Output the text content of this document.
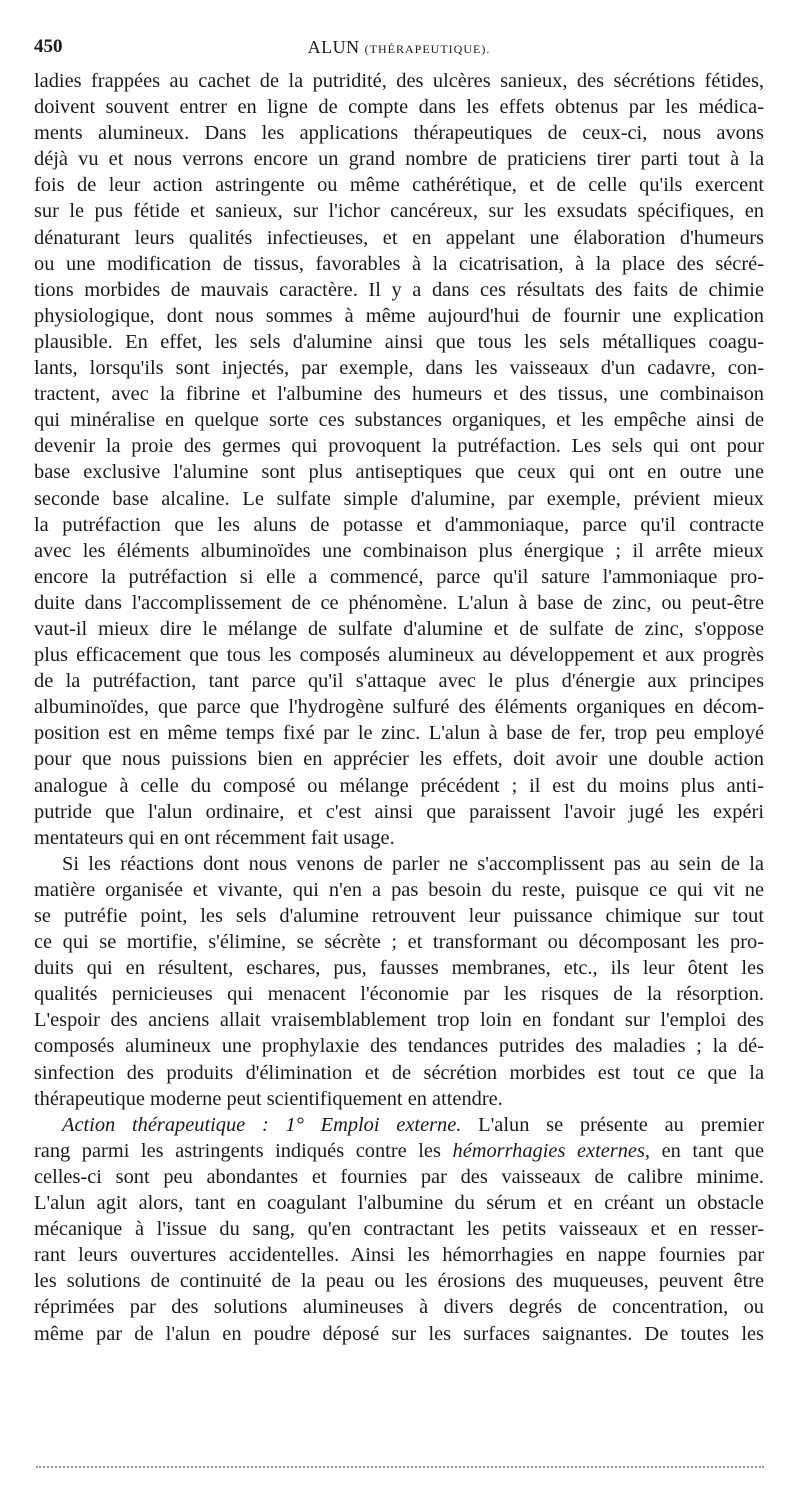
450	ALUN (THÉRAPEUTIQUE).
ladies frappées au cachet de la putridité, des ulcères sanieux, des sécrétions fétides,
doivent souvent entrer en ligne de compte dans les effets obtenus par les médica-
ments alumineux. Dans les applications thérapeutiques de ceux-ci, nous avons
déjà vu et nous verrons encore un grand nombre de praticiens tirer parti tout à la
fois de leur action astringente ou même cathérétique, et de celle qu'ils exercent
sur le pus fétide et sanieux, sur l'ichor cancéreux, sur les exsudats spécifiques, en
dénaturant leurs qualités infectieuses, et en appelant une élaboration d'humeurs
ou une modification de tissus, favorables à la cicatrisation, à la place des sécré-
tions morbides de mauvais caractère. Il y a dans ces résultats des faits de chimie
physiologique, dont nous sommes à même aujourd'hui de fournir une explication
plausible. En effet, les sels d'alumine ainsi que tous les sels métalliques coagu-
lants, lorsqu'ils sont injectés, par exemple, dans les vaisseaux d'un cadavre, con-
tractent, avec la fibrine et l'albumine des humeurs et des tissus, une combinaison
qui minéralise en quelque sorte ces substances organiques, et les empêche ainsi de
devenir la proie des germes qui provoquent la putréfaction. Les sels qui ont pour
base exclusive l'alumine sont plus antiseptiques que ceux qui ont en outre une
seconde base alcaline. Le sulfate simple d'alumine, par exemple, prévient mieux
la putréfaction que les aluns de potasse et d'ammoniaque, parce qu'il contracte
avec les éléments albuminoïdes une combinaison plus énergique ; il arrête mieux
encore la putréfaction si elle a commencé, parce qu'il sature l'ammoniaque pro-
duite dans l'accomplissement de ce phénomène. L'alun à base de zinc, ou peut-être
vaut-il mieux dire le mélange de sulfate d'alumine et de sulfate de zinc, s'oppose
plus efficacement que tous les composés alumineux au développement et aux progrès
de la putréfaction, tant parce qu'il s'attaque avec le plus d'énergie aux principes
albuminoïdes, que parce que l'hydrogène sulfuré des éléments organiques en décom-
position est en même temps fixé par le zinc. L'alun à base de fer, trop peu employé
pour que nous puissions bien en apprécier les effets, doit avoir une double action
analogue à celle du composé ou mélange précédent ; il est du moins plus anti-
putride que l'alun ordinaire, et c'est ainsi que paraissent l'avoir jugé les expéri
mentateurs qui en ont récemment fait usage.
Si les réactions dont nous venons de parler ne s'accomplissent pas au sein de la
matière organisée et vivante, qui n'en a pas besoin du reste, puisque ce qui vit ne
se putréfie point, les sels d'alumine retrouvent leur puissance chimique sur tout
ce qui se mortifie, s'élimine, se sécrète ; et transformant ou décomposant les pro-
duits qui en résultent, eschares, pus, fausses membranes, etc., ils leur ôtent les
qualités pernicieuses qui menacent l'économie par les risques de la résorption.
L'espoir des anciens allait vraisemblablement trop loin en fondant sur l'emploi des
composés alumineux une prophylaxie des tendances putrides des maladies ; la dé-
sinfection des produits d'élimination et de sécrétion morbides est tout ce que la
thérapeutique moderne peut scientifiquement en attendre.
Action thérapeutique : 1° Emploi externe. L'alun se présente au premier
rang parmi les astringents indiqués contre les hémorrhagies externes, en tant que
celles-ci sont peu abondantes et fournies par des vaisseaux de calibre minime.
L'alun agit alors, tant en coagulant l'albumine du sérum et en créant un obstacle
mécanique à l'issue du sang, qu'en contractant les petits vaisseaux et en resser-
rant leurs ouvertures accidentelles. Ainsi les hémorrhagies en nappe fournies par
les solutions de continuité de la peau ou les érosions des muqueuses, peuvent être
réprimées par des solutions alumineuses à divers degrés de concentration, ou
même par de l'alun en poudre déposé sur les surfaces saignantes. De toutes les
